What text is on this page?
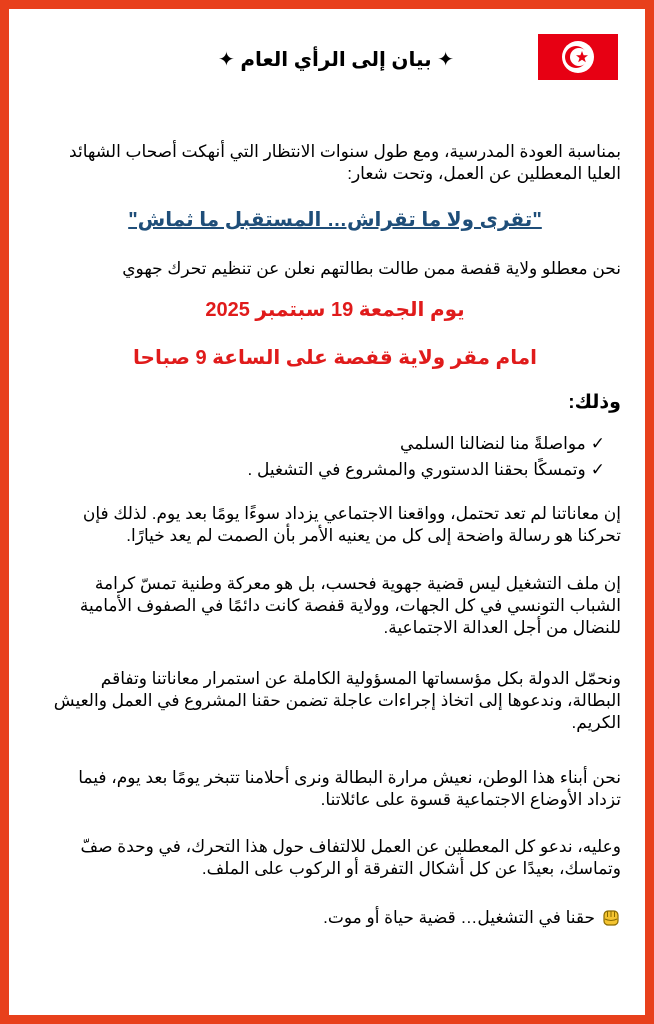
✦ بيان إلى الرأي العام ✦
بمناسبة العودة المدرسية، ومع طول سنوات الانتظار التي أنهكت أصحاب الشهائد العليا المعطلين عن العمل، وتحت شعار:
"تقرى ولا ما تقراش… المستقبل ما ثماش"
نحن معطلو ولاية قفصة ممن طالت بطالتهم نعلن عن تنظيم تحرك جهوي
يوم الجمعة 19 سبتمبر 2025
امام مقر ولاية قفصة على الساعة 9 صباحا
وذلك:
✓مواصلةً منا لنضالنا السلمي
✓وتمسكًا بحقنا الدستوري والمشروع في التشغيل .
إن معاناتنا لم تعد تحتمل، وواقعنا الاجتماعي يزداد سوءًا يومًا بعد يوم. لذلك فإن تحركنا هو رسالة واضحة إلى كل من يعنيه الأمر بأن الصمت لم يعد خيارًا.
إن ملف التشغيل ليس قضية جهوية فحسب، بل هو معركة وطنية تمسّ كرامة الشباب التونسي في كل الجهات، وولاية قفصة كانت دائمًا في الصفوف الأمامية للنضال من أجل العدالة الاجتماعية.
ونحمّل الدولة بكل مؤسساتها المسؤولية الكاملة عن استمرار معاناتنا وتفاقم البطالة، وندعوها إلى اتخاذ إجراءات عاجلة تضمن حقنا المشروع في العمل والعيش الكريم.
نحن أبناء هذا الوطن، نعيش مرارة البطالة ونرى أحلامنا تتبخر يومًا بعد يوم، فيما تزداد الأوضاع الاجتماعية قسوة على عائلاتنا.
وعليه، ندعو كل المعطلين عن العمل للالتفاف حول هذا التحرك، في وحدة صفّ وتماسك، بعيدًا عن كل أشكال التفرقة أو الركوب على الملف.
حقنا في التشغيل… قضية حياة أو موت.
